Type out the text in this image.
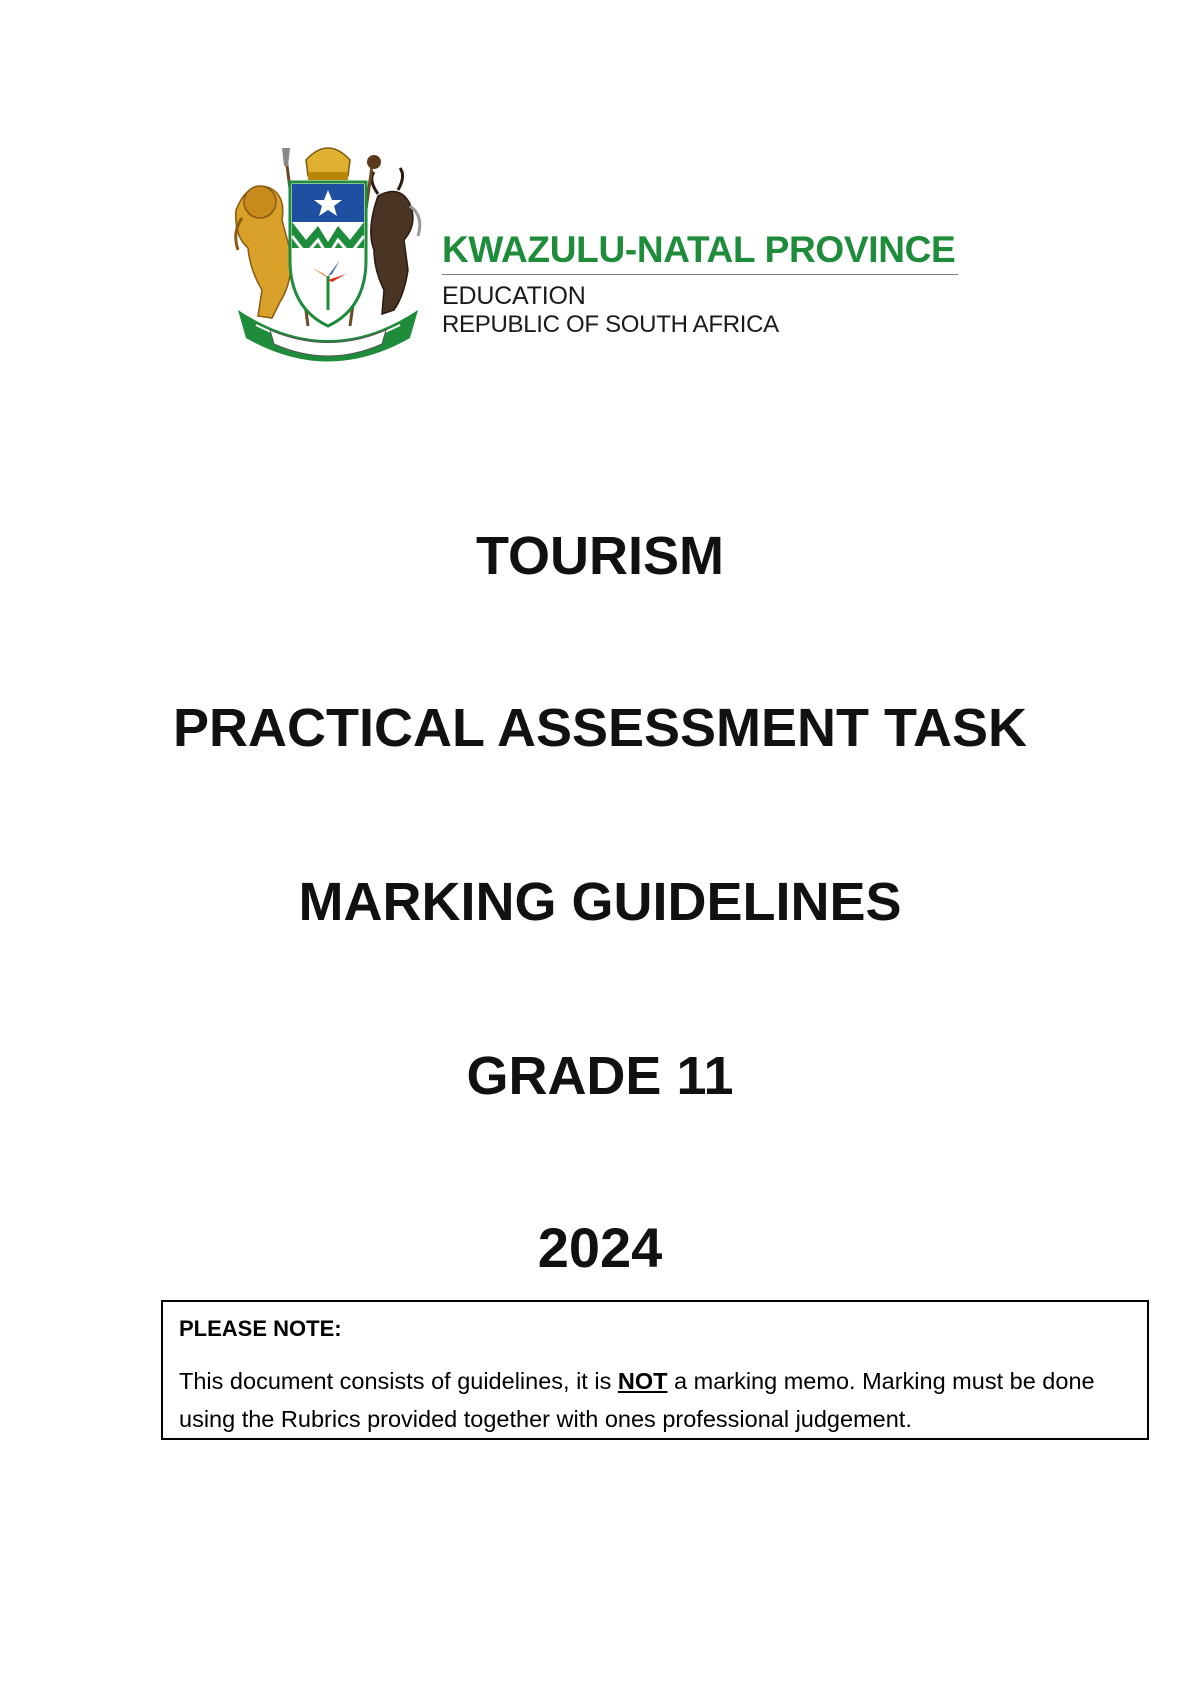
KWAZULU-NATAL PROVINCE
EDUCATION
REPUBLIC OF SOUTH AFRICA
TOURISM
PRACTICAL ASSESSMENT TASK
MARKING GUIDELINES
GRADE 11
2024
PLEASE NOTE:
This document consists of guidelines, it is NOT a marking memo. Marking must be done using the Rubrics provided together with ones professional judgement.
